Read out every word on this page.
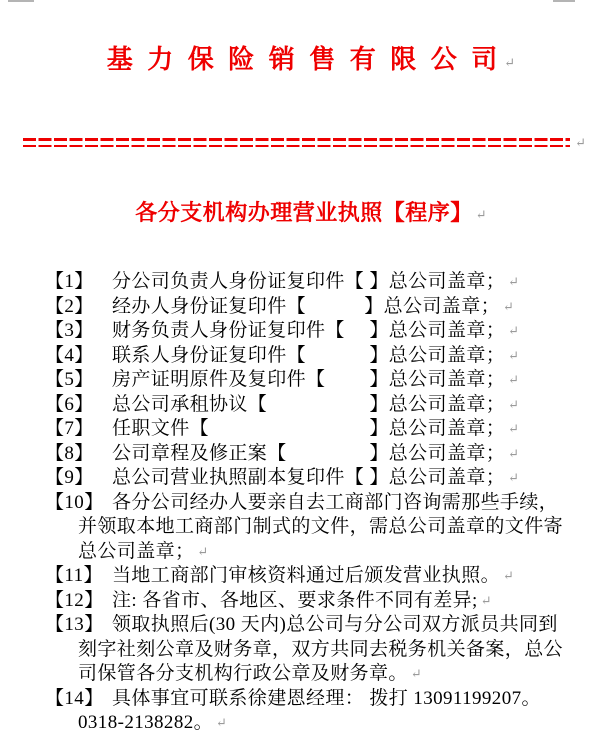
基 力 保 险 销 售 有 限 公 司 ↵

↵

各分支机构办理营业执照【程序】 ↵

【1】 分公司负责人身份证复印件【 】总公司盖章； ↵
【2】 经办人身份证复印件【　　　】总公司盖章； ↵
【3】 财务负责人身份证复印件【　 】总公司盖章； ↵
【4】 联系人身份证复印件【　　　 】总公司盖章； ↵
【5】 房产证明原件及复印件【　　 】总公司盖章； ↵
【6】 总公司承租协议【　　　　　 】总公司盖章； ↵
【7】 任职文件【　　　　　　　　 】总公司盖章； ↵
【8】 公司章程及修正案【　　　　 】总公司盖章； ↵
【9】 总公司营业执照副本复印件【 】总公司盖章； ↵
【10】 各分公司经办人要亲自去工商部门咨询需那些手续，
并领取本地工商部门制式的文件，需总公司盖章的文件寄
总公司盖章； ↵
【11】 当地工商部门审核资料通过后颁发营业执照。 ↵
【12】 注: 各省市、各地区、要求条件不同有差异; ↵
【13】 领取执照后(30 天内)总公司与分公司双方派员共同到
刻字社刻公章及财务章，双方共同去税务机关备案，总公
司保管各分支机构行政公章及财务章。 ↵
【14】 具体事宜可联系徐建恩经理： 拨打 13091199207。
0318-2138282。 ↵
